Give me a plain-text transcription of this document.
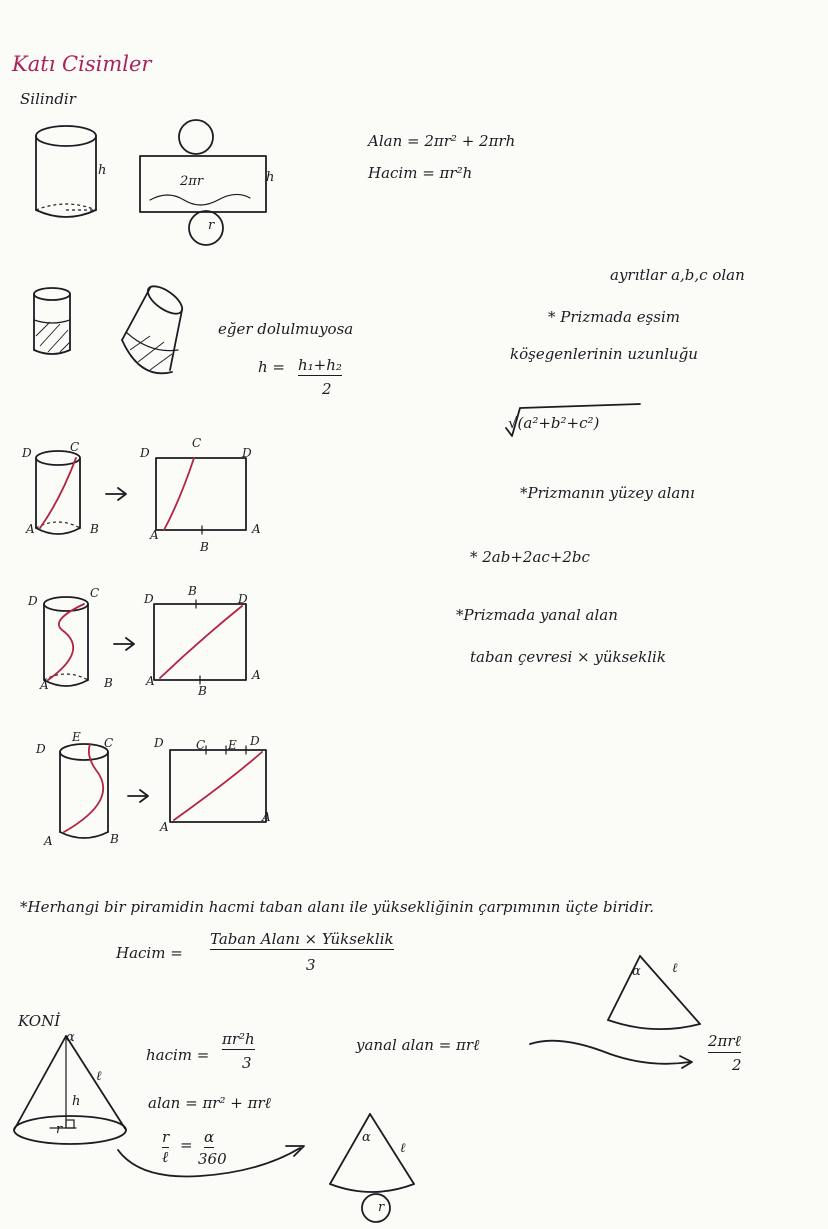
Katı Cisimler
Silindir
Alan = 2πr² + 2πrh
Hacim = πr²h
h
2πr	h
r
eğer dolulmuyosa
h = h₁+h₂
2
ayrıtlar a,b,c olan
* Prizmada eşsim
köşegenlerinin uzunluğu
√(a²+b²+c²)
*Prizmanın yüzey alanı
* 2ab+2ac+2bc
*Prizmada yanal alan
taban çevresi × yükseklik
D	C
A	B
D
C
D
A
B
A
D
C
A	B
D
B
D
A
B
A
D
E C
A	B
D	C E D
A
A
*Herhangi bir piramidin hacmi taban alanı ile yüksekliğinin çarpımının üçte biridir.
Hacim =
Taban Alanı × Yükseklik
3
KONİ
hacim =
πr²h
3
alan = πr² + πrℓ
r
ℓ
= α
360
yanal alan = πrℓ	2πrℓ
2
h
ℓ
r
α
α
ℓ
r
α ℓ
